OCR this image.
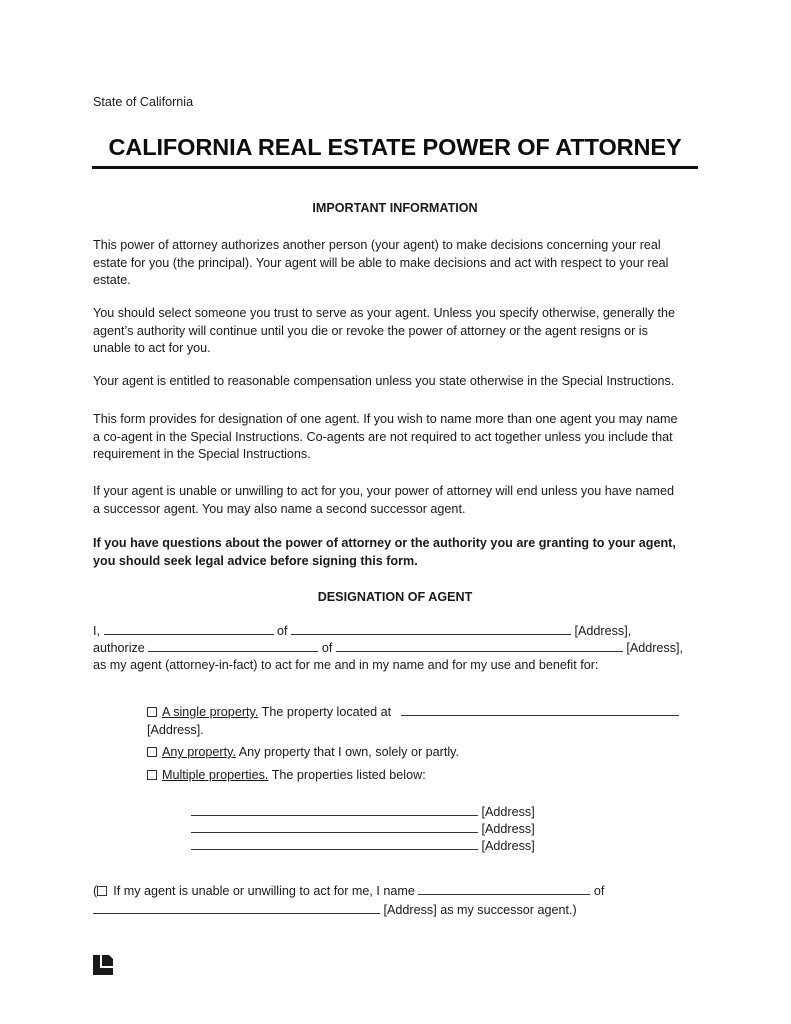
State of California
CALIFORNIA REAL ESTATE POWER OF ATTORNEY
IMPORTANT INFORMATION
This power of attorney authorizes another person (your agent) to make decisions concerning your real
estate for you (the principal). Your agent will be able to make decisions and act with respect to your real
estate.
You should select someone you trust to serve as your agent. Unless you specify otherwise, generally the
agent’s authority will continue until you die or revoke the power of attorney or the agent resigns or is
unable to act for you.
Your agent is entitled to reasonable compensation unless you state otherwise in the Special Instructions.
This form provides for designation of one agent. If you wish to name more than one agent you may name
a co-agent in the Special Instructions. Co-agents are not required to act together unless you include that
requirement in the Special Instructions.
If your agent is unable or unwilling to act for you, your power of attorney will end unless you have named
a successor agent. You may also name a second successor agent.
If you have questions about the power of attorney or the authority you are granting to your agent,
you should seek legal advice before signing this form.
DESIGNATION OF AGENT
I,	of	[Address],
authorize	of	[Address],
as my agent (attorney-in-fact) to act for me and in my name and for my use and benefit for:
A single property. The property located at
[Address].
Any property. Any property that I own, solely or partly.
Multiple properties. The properties listed below:
[Address]
[Address]
[Address]
( If my agent is unable or unwilling to act for me, I name	of
[Address] as my successor agent.)
